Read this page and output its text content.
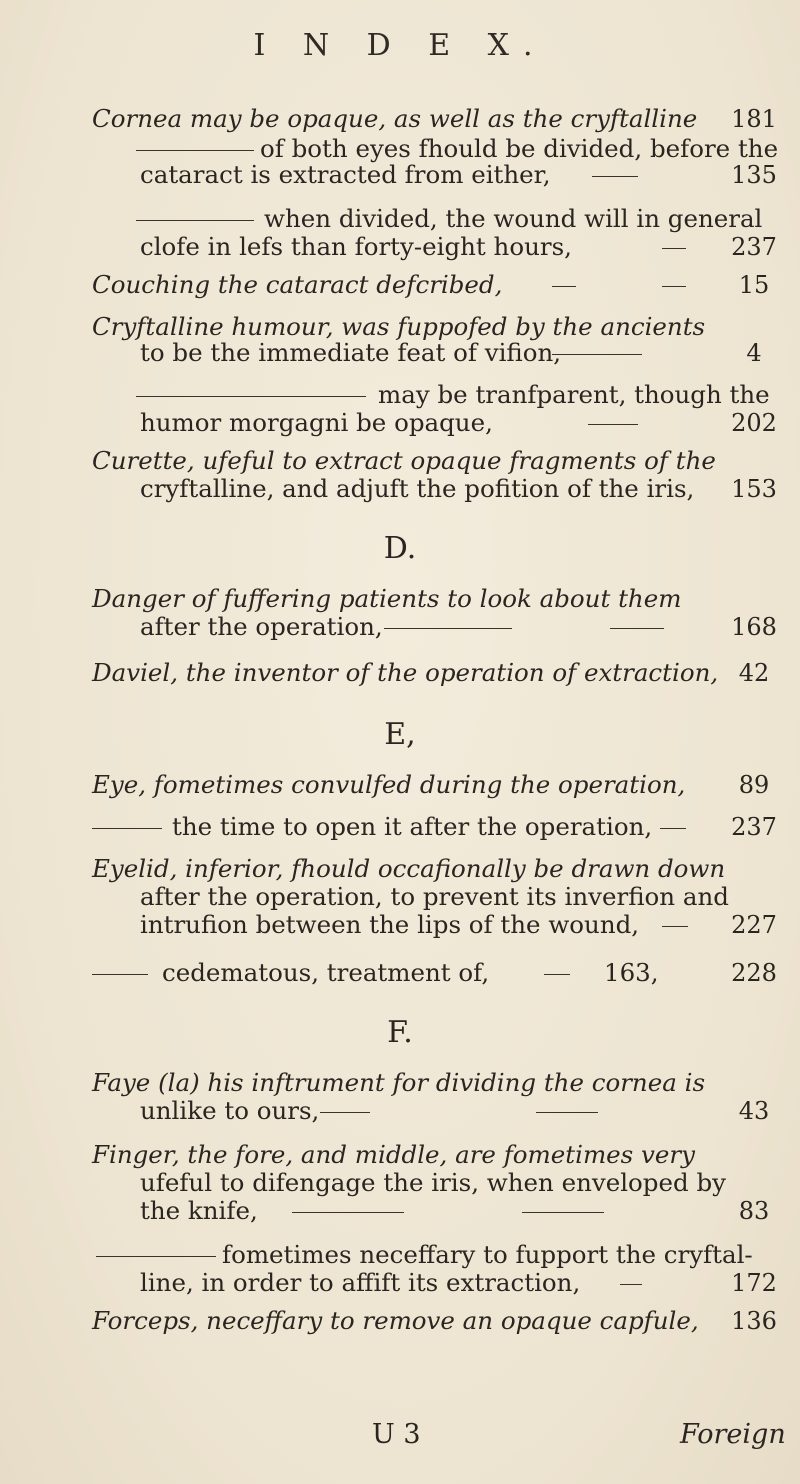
I N D E X.
Cornea may be opaque, as well as the cryftalline 181
of both eyes fhould be divided, before the
cataract is extracted from either,	135
when divided, the wound will in general
clofe in lefs than forty-eight hours,	237
Couching the cataract defcribed,	15
Cryftalline humour, was fuppofed by the ancients
to be the immediate feat of vifion,	4
may be tranfparent, though the
humor morgagni be opaque,	202
Curette, ufeful to extract opaque fragments of the
cryftalline, and adjuft the pofition of the iris, 153
D.
Danger of fuffering patients to look about them
after the operation,	168
Daviel, the inventor of the operation of extraction, 42
E,
Eye, fometimes convulfed during the operation,	89
the time to open it after the operation,	237
Eyelid, inferior, fhould occafionally be drawn down
after the operation, to prevent its inverfion and
intrufion between the lips of the wound,	227
cedematous, treatment of,	163,	228
F.
Faye (la) his inftrument for dividing the cornea is
unlike to ours,	43
Finger, the fore, and middle, are fometimes very
ufeful to difengage the iris, when enveloped by
the knife,	83
fometimes neceffary to fupport the cryftal-
line, in order to affift its extraction,	172
Forceps, neceffary to remove an opaque capfule, 136
U 3	Foreign
